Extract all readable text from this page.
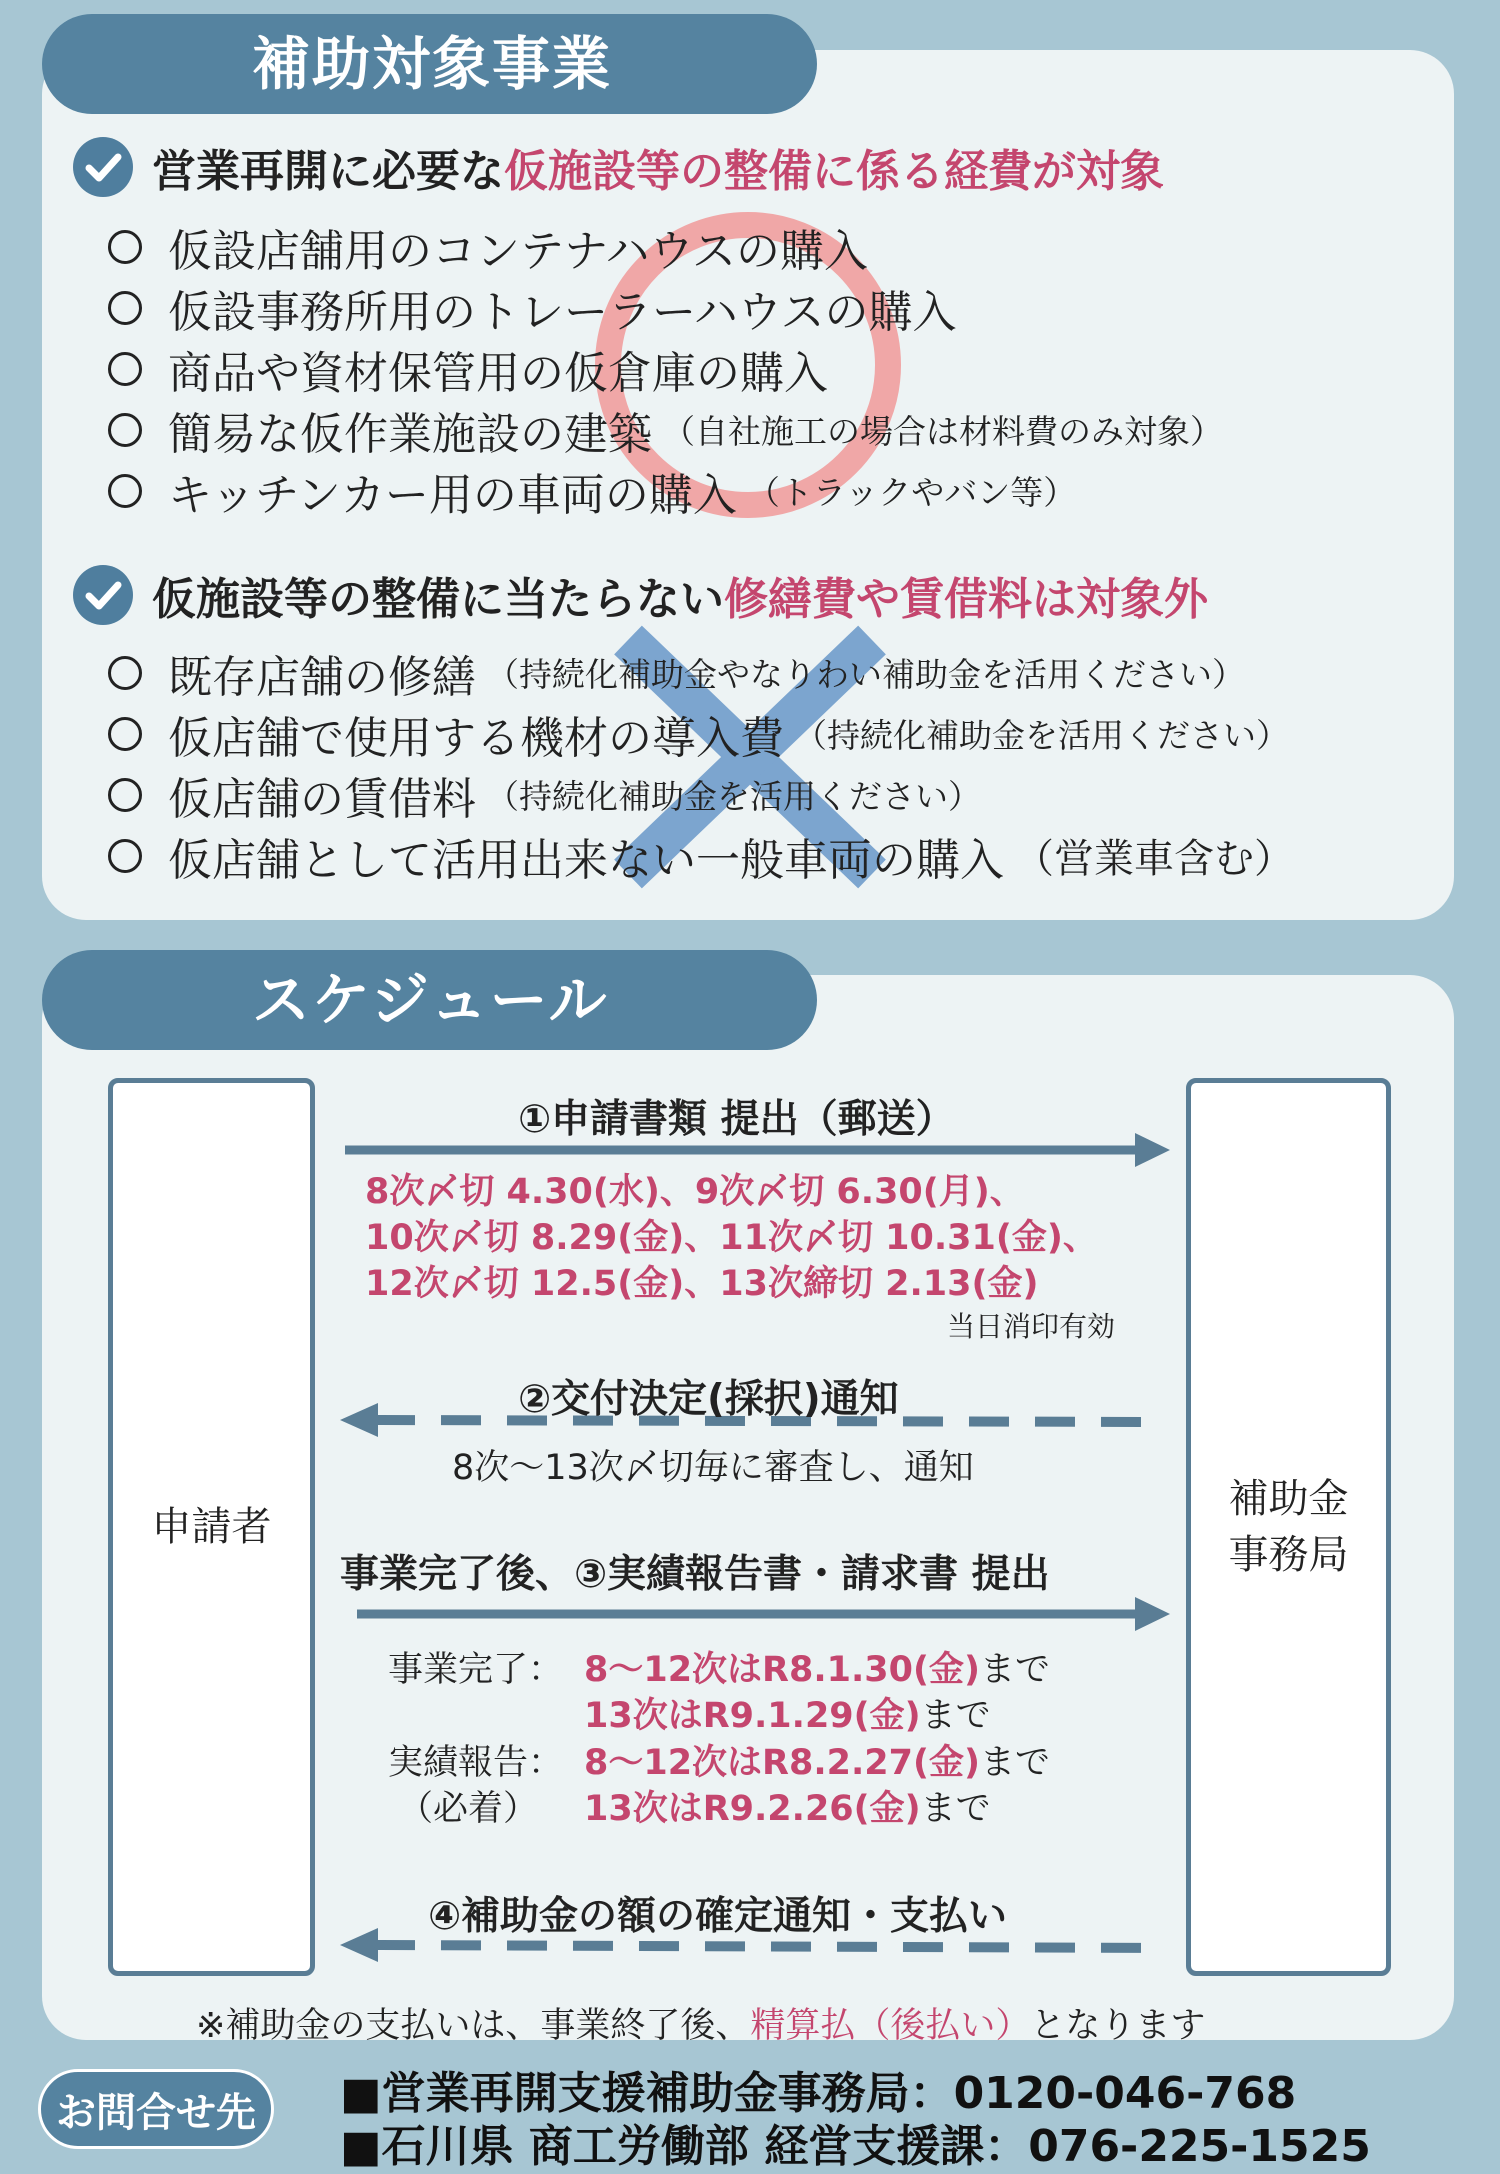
補助対象事業
営業再開に必要な 仮施設等の整備に係る経費が対象
仮設店舗用のコンテナハウスの購入
仮設事務所用のトレーラーハウスの購入
商品や資材保管用の仮倉庫の購入
簡易な仮作業施設の建築 （自社施工の場合は材料費のみ対象）
キッチンカー用の車両の購入 （トラックやバン等）
仮施設等の整備に当たらない 修繕費や賃借料は対象外
既存店舗の修繕 （持続化補助金やなりわい補助金を活用ください）
仮店舗で使用する機材の導入費 （持続化補助金を活用ください）
仮店舗の賃借料 （持続化補助金を活用ください）
仮店舗として活用出来ない一般車両の購入 （営業車含む）
スケジュール
申請者
補助金
事務局
①申請書類 提出（郵送）
8次〆切 4.30(水)、9次〆切 6.30(月)、
10次〆切 8.29(金)、11次〆切 10.31(金)、
12次〆切 12.5(金)、13次締切 2.13(金)
当日消印有効
②交付決定(採択)通知
8次～13次〆切毎に審査し、通知
事業完了後、③実績報告書・請求書 提出
事業完了： 8～12次はR8.1.30(金)まで
13次はR9.1.29(金)まで
実績報告：
（必着）
8～12次はR8.2.27(金)まで
13次はR9.2.26(金)まで
④補助金の額の確定通知・支払い
※補助金の支払いは、事業終了後、精算払（後払い）となります
お問合せ先	■営業再開支援補助金事務局：0120-046-768
■石川県 商工労働部 経営支援課：076-225-1525
